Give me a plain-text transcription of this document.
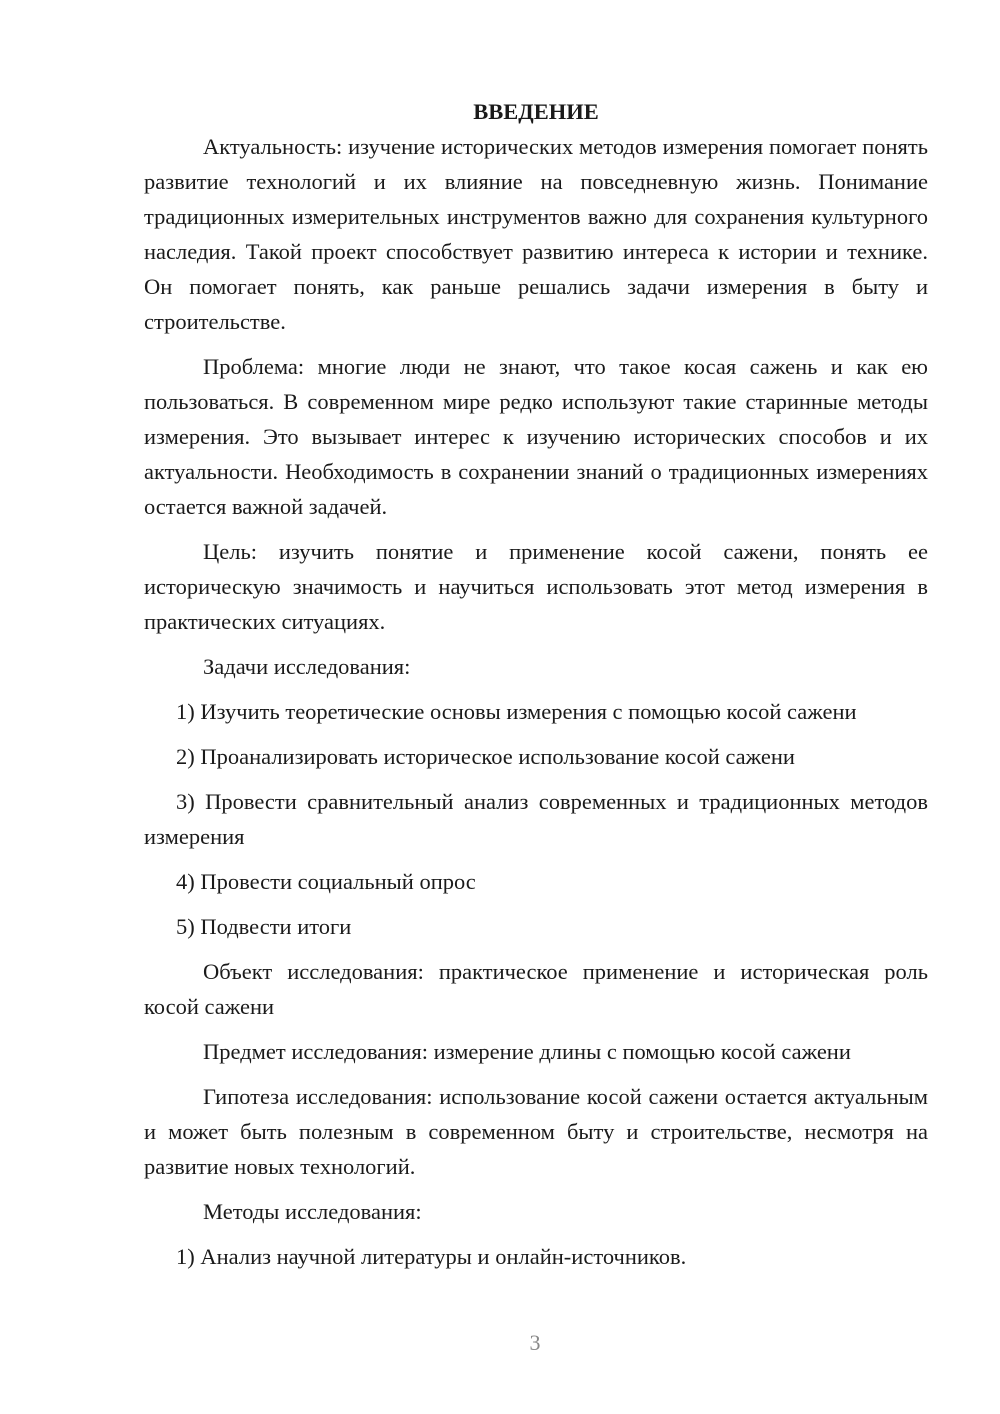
ВВЕДЕНИЕ

Актуальность: изучение исторических методов измерения помогает понять развитие технологий и их влияние на повседневную жизнь. Понимание традиционных измерительных инструментов важно для сохранения культурного наследия. Такой проект способствует развитию интереса к истории и технике. Он помогает понять, как раньше решались задачи измерения в быту и строительстве.

Проблема: многие люди не знают, что такое косая сажень и как ею пользоваться. В современном мире редко используют такие старинные методы измерения. Это вызывает интерес к изучению исторических способов и их актуальности. Необходимость в сохранении знаний о традиционных измерениях остается важной задачей.

Цель: изучить понятие и применение косой сажени, понять ее историческую значимость и научиться использовать этот метод измерения в практических ситуациях.

Задачи исследования:

1) Изучить теоретические основы измерения с помощью косой сажени

2) Проанализировать историческое использование косой сажени

3) Провести сравнительный анализ современных и традиционных методов измерения

4) Провести социальный опрос

5) Подвести итоги

Объект исследования: практическое применение и историческая роль косой сажени

Предмет исследования: измерение длины с помощью косой сажени

Гипотеза исследования: использование косой сажени остается актуальным и может быть полезным в современном быту и строительстве, несмотря на развитие новых технологий.

Методы исследования:

1) Анализ научной литературы и онлайн-источников.

3
